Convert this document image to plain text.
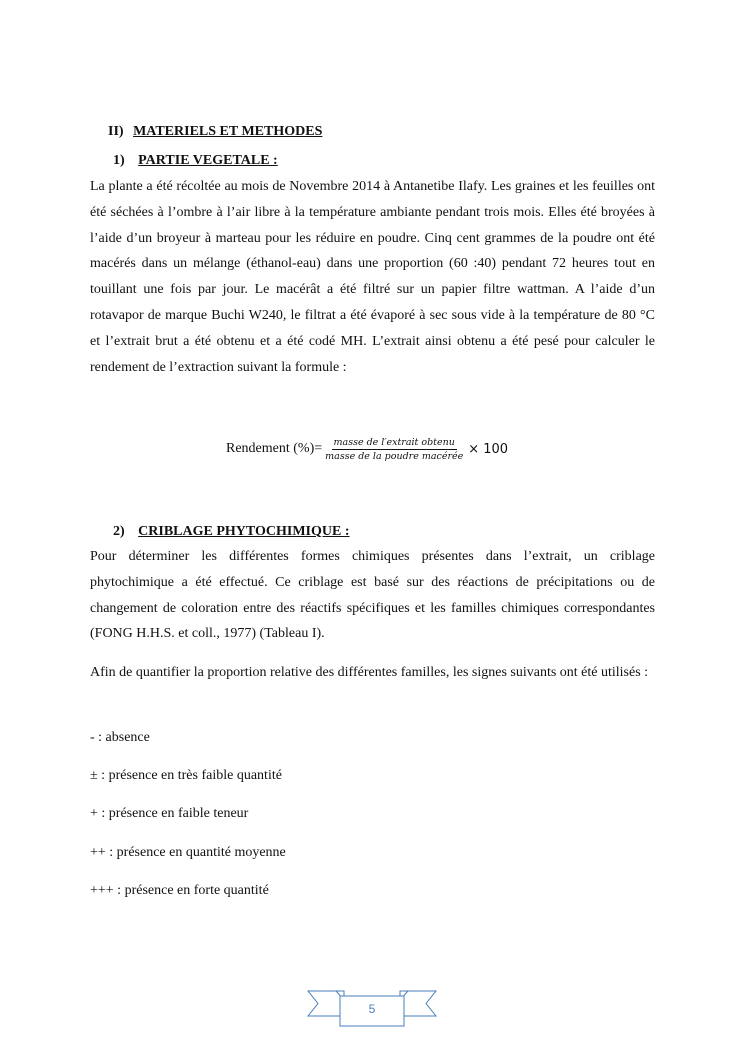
II) MATERIELS ET METHODES
1) PARTIE VEGETALE :

La plante a été récoltée au mois de Novembre 2014 à Antanetibe Ilafy. Les graines et les feuilles ont été séchées à l’ombre à l’air libre à la température ambiante pendant trois mois. Elles été broyées à l’aide d’un broyeur à marteau pour les réduire en poudre. Cinq cent grammes de la poudre ont été macérés dans un mélange (éthanol-eau) dans une proportion (60 :40) pendant 72 heures tout en touillant une fois par jour. Le macérât a été filtré sur un papier filtre wattman. A l’aide d’un rotavapor de marque Buchi W240, le filtrat a été évaporé à sec sous vide à la température de 80 °C et l’extrait brut a été obtenu et a été codé MH. L’extrait ainsi obtenu a été pesé pour calculer le rendement de l’extraction suivant la formule :

Rendement (%)= $\frac{\text{masse de l′extrait obtenu}}{\text{masse de la poudre macérée}} \times 100$
2) CRIBLAGE PHYTOCHIMIQUE :

Pour déterminer les différentes formes chimiques présentes dans l’extrait, un criblage phytochimique a été effectué. Ce criblage est basé sur des réactions de précipitations ou de changement de coloration entre des réactifs spécifiques et les familles chimiques correspondantes (FONG H.H.S. et coll., 1977) (Tableau I).

Afin de quantifier la proportion relative des différentes familles, les signes suivants ont été utilisés :

- : absence
± : présence en très faible quantité
+ : présence en faible teneur
++ : présence en quantité moyenne
+++ : présence en forte quantité
5
